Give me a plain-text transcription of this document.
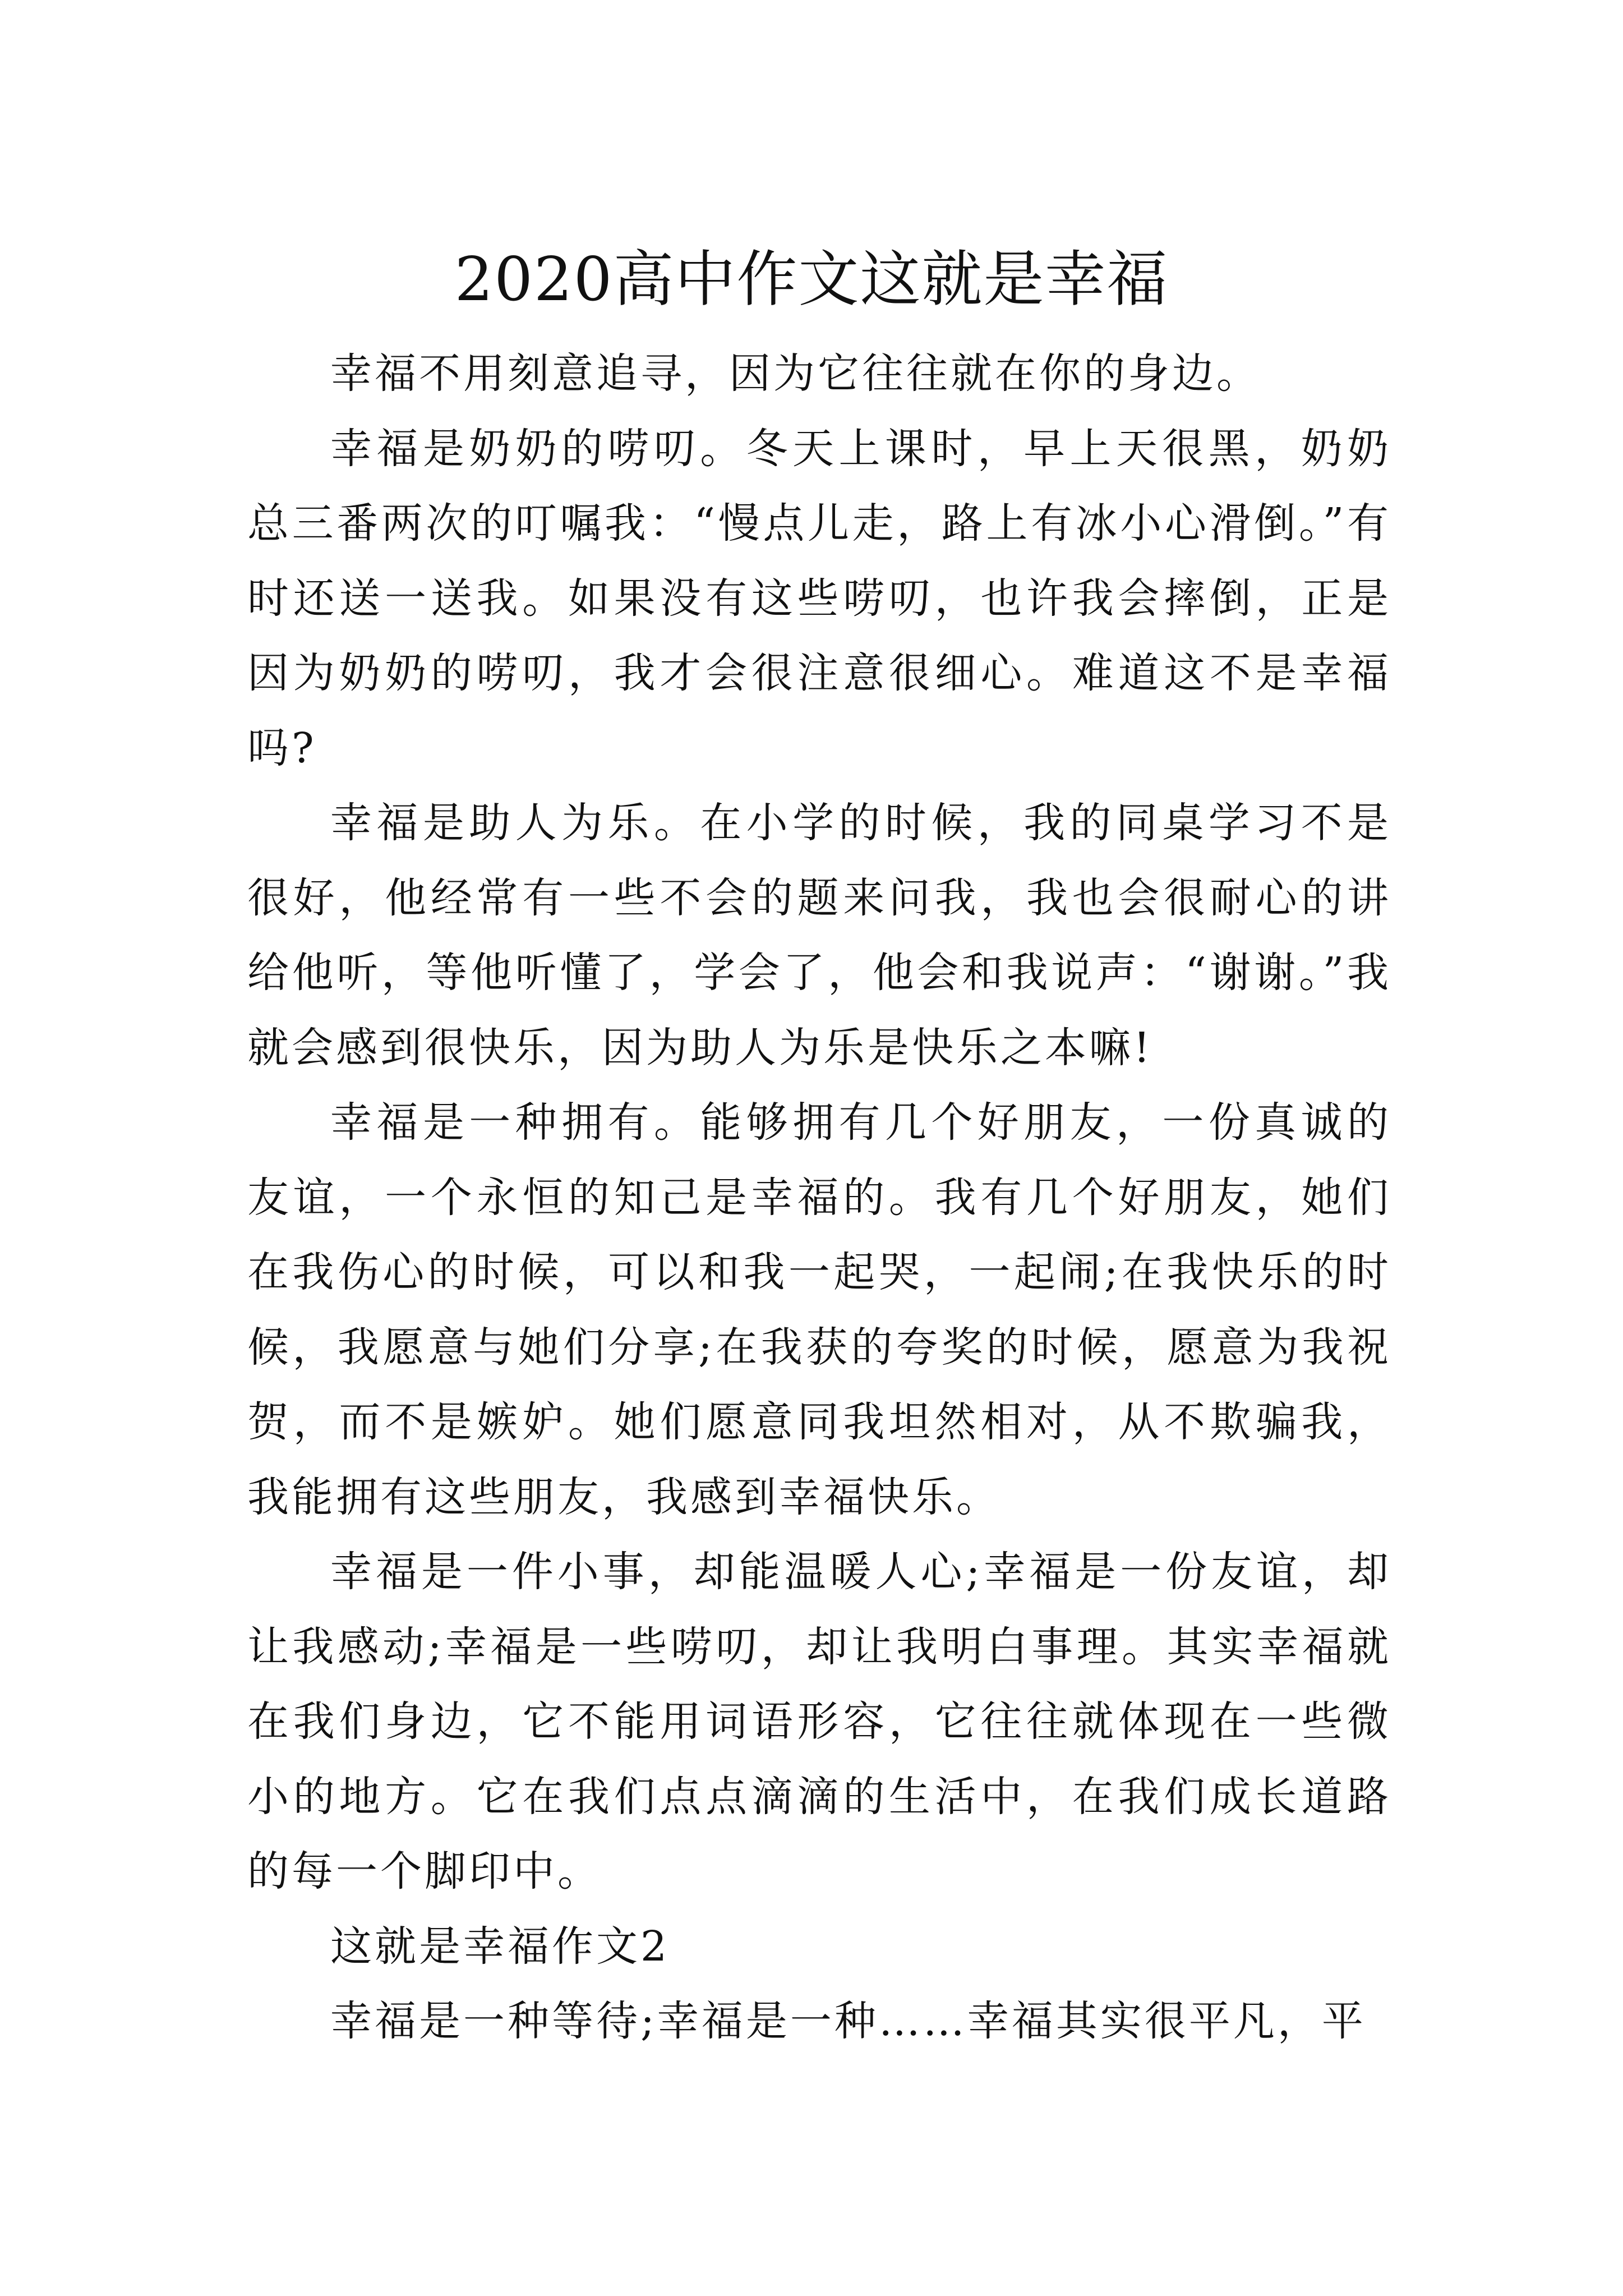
2020高中作文这就是幸福

幸福不用刻意追寻，因为它往往就在你的身边。

幸福是奶奶的唠叨。冬天上课时，早上天很黑，奶奶总三番两次的叮嘱我：“慢点儿走，路上有冰小心滑倒。”有时还送一送我。如果没有这些唠叨，也许我会摔倒，正是因为奶奶的唠叨，我才会很注意很细心。难道这不是幸福吗?

幸福是助人为乐。在小学的时候，我的同桌学习不是很好，他经常有一些不会的题来问我，我也会很耐心的讲给他听，等他听懂了，学会了，他会和我说声：“谢谢。”我就会感到很快乐，因为助人为乐是快乐之本嘛!

幸福是一种拥有。能够拥有几个好朋友，一份真诚的友谊，一个永恒的知己是幸福的。我有几个好朋友，她们在我伤心的时候，可以和我一起哭，一起闹;在我快乐的时候，我愿意与她们分享;在我获的夸奖的时候，愿意为我祝贺，而不是嫉妒。她们愿意同我坦然相对，从不欺骗我，我能拥有这些朋友，我感到幸福快乐。

幸福是一件小事，却能温暖人心;幸福是一份友谊，却让我感动;幸福是一些唠叨，却让我明白事理。其实幸福就在我们身边，它不能用词语形容，它往往就体现在一些微小的地方。它在我们点点滴滴的生活中，在我们成长道路的每一个脚印中。

这就是幸福作文2

幸福是一种等待;幸福是一种……幸福其实很平凡，平
